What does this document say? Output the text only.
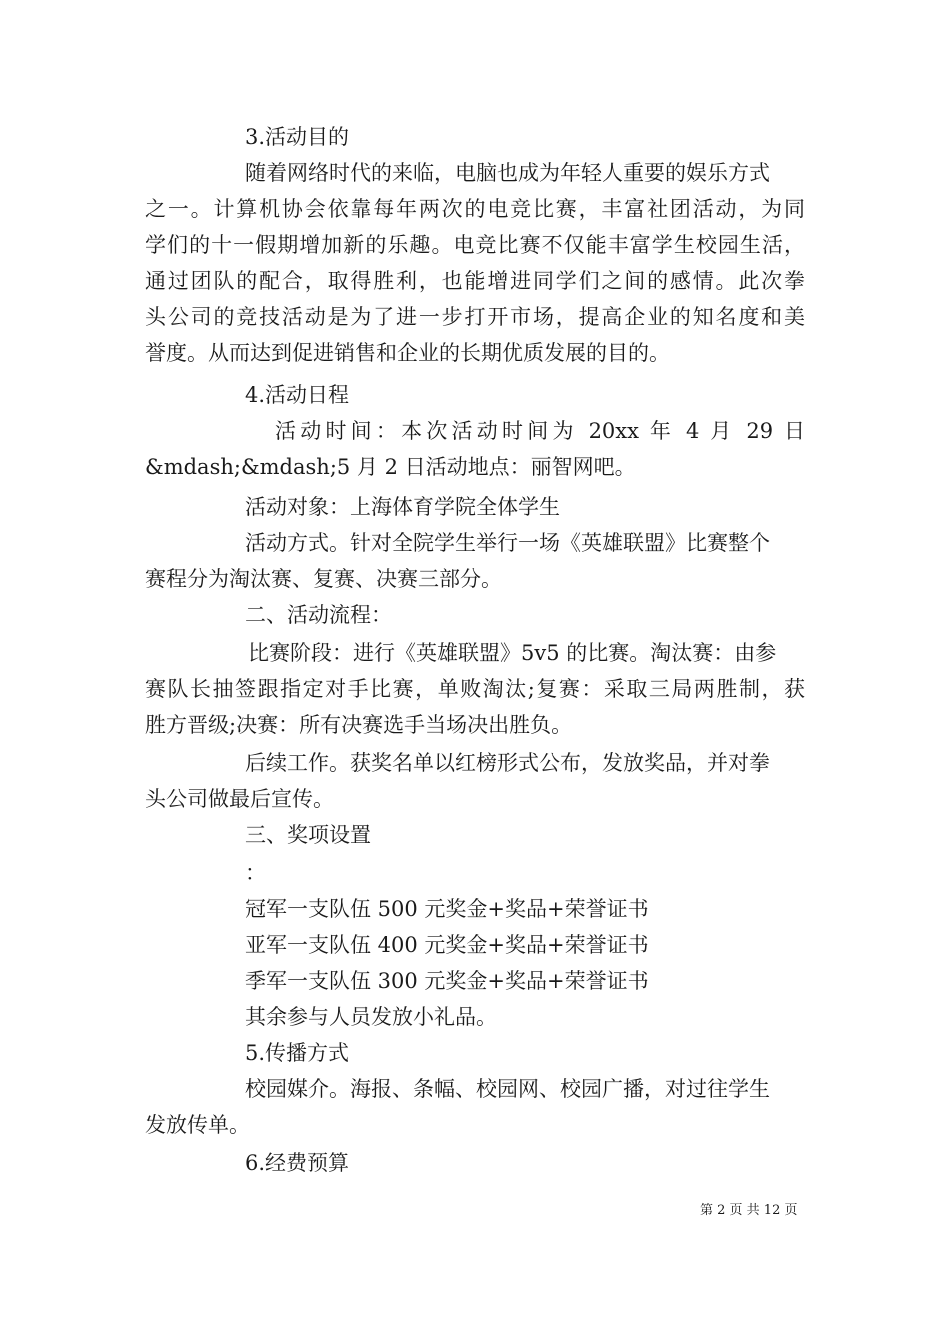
3.活动目的

随着网络时代的来临，电脑也成为年轻人重要的娱乐方式

之一。计算机协会依靠每年两次的电竞比赛，丰富社团活动，为同

学们的十一假期增加新的乐趣。电竞比赛不仅能丰富学生校园生活，

通过团队的配合，取得胜利，也能增进同学们之间的感情。此次拳

头公司的竞技活动是为了进一步打开市场，提高企业的知名度和美

誉度。从而达到促进销售和企业的长期优质发展的目的。

4.活动日程

活动时间：本次活动时间为 20xx 年 4 月 29 日

&mdash;&mdash;5 月 2 日活动地点：丽智网吧。

活动对象：上海体育学院全体学生

活动方式。针对全院学生举行一场《英雄联盟》比赛整个

赛程分为淘汰赛、复赛、决赛三部分。

二、活动流程：

比赛阶段：进行《英雄联盟》5v5 的比赛。淘汰赛：由参

赛队长抽签跟指定对手比赛，单败淘汰;复赛：采取三局两胜制，获

胜方晋级;决赛：所有决赛选手当场决出胜负。

后续工作。获奖名单以红榜形式公布，发放奖品，并对拳

头公司做最后宣传。

三、奖项设置

：

冠军一支队伍 500 元奖金+奖品+荣誉证书

亚军一支队伍 400 元奖金+奖品+荣誉证书

季军一支队伍 300 元奖金+奖品+荣誉证书

其余参与人员发放小礼品。

5.传播方式

校园媒介。海报、条幅、校园网、校园广播，对过往学生

发放传单。

6.经费预算

第 2 页 共 12 页
